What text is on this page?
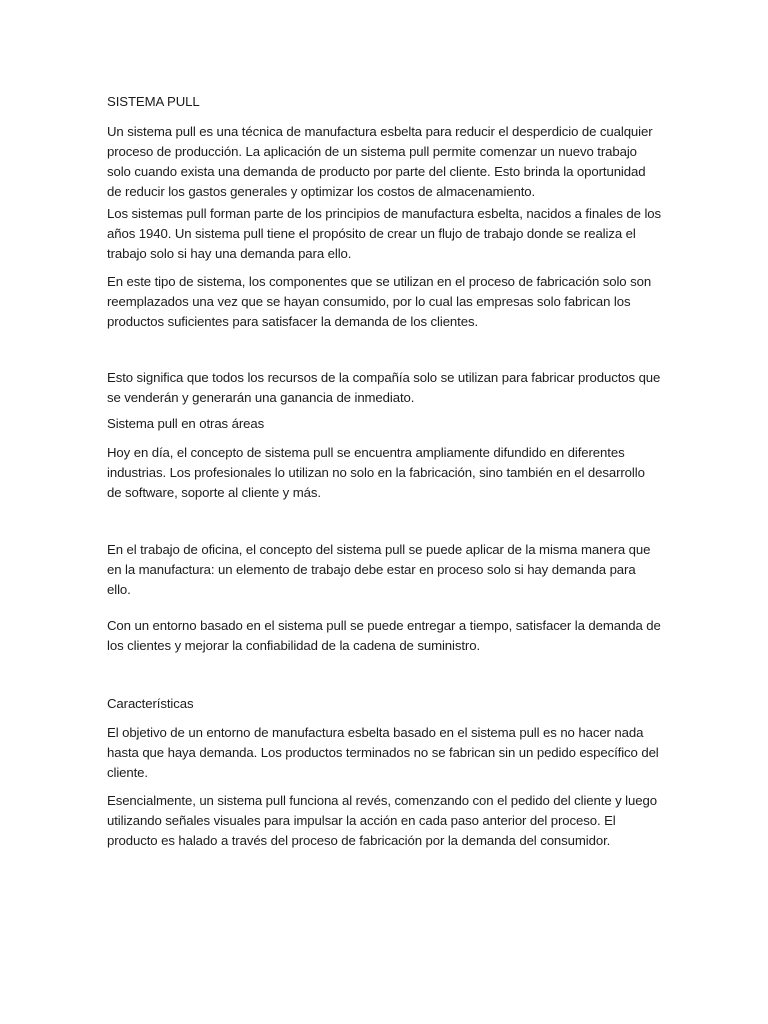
SISTEMA PULL

Un sistema pull es una técnica de manufactura esbelta para reducir el desperdicio de cualquier proceso de producción. La aplicación de un sistema pull permite comenzar un nuevo trabajo solo cuando exista una demanda de producto por parte del cliente. Esto brinda la oportunidad de reducir los gastos generales y optimizar los costos de almacenamiento.

Los sistemas pull forman parte de los principios de manufactura esbelta, nacidos a finales de los años 1940. Un sistema pull tiene el propósito de crear un flujo de trabajo donde se realiza el trabajo solo si hay una demanda para ello.

En este tipo de sistema, los componentes que se utilizan en el proceso de fabricación solo son reemplazados una vez que se hayan consumido, por lo cual las empresas solo fabrican los productos suficientes para satisfacer la demanda de los clientes.

Esto significa que todos los recursos de la compañía solo se utilizan para fabricar productos que se venderán y generarán una ganancia de inmediato.

Sistema pull en otras áreas

Hoy en día, el concepto de sistema pull se encuentra ampliamente difundido en diferentes industrias. Los profesionales lo utilizan no solo en la fabricación, sino también en el desarrollo de software, soporte al cliente y más.

En el trabajo de oficina, el concepto del sistema pull se puede aplicar de la misma manera que en la manufactura: un elemento de trabajo debe estar en proceso solo si hay demanda para ello.

Con un entorno basado en el sistema pull se puede entregar a tiempo, satisfacer la demanda de los clientes y mejorar la confiabilidad de la cadena de suministro.

Características

El objetivo de un entorno de manufactura esbelta basado en el sistema pull es no hacer nada hasta que haya demanda. Los productos terminados no se fabrican sin un pedido específico del cliente.

Esencialmente, un sistema pull funciona al revés, comenzando con el pedido del cliente y luego utilizando señales visuales para impulsar la acción en cada paso anterior del proceso. El producto es halado a través del proceso de fabricación por la demanda del consumidor.
